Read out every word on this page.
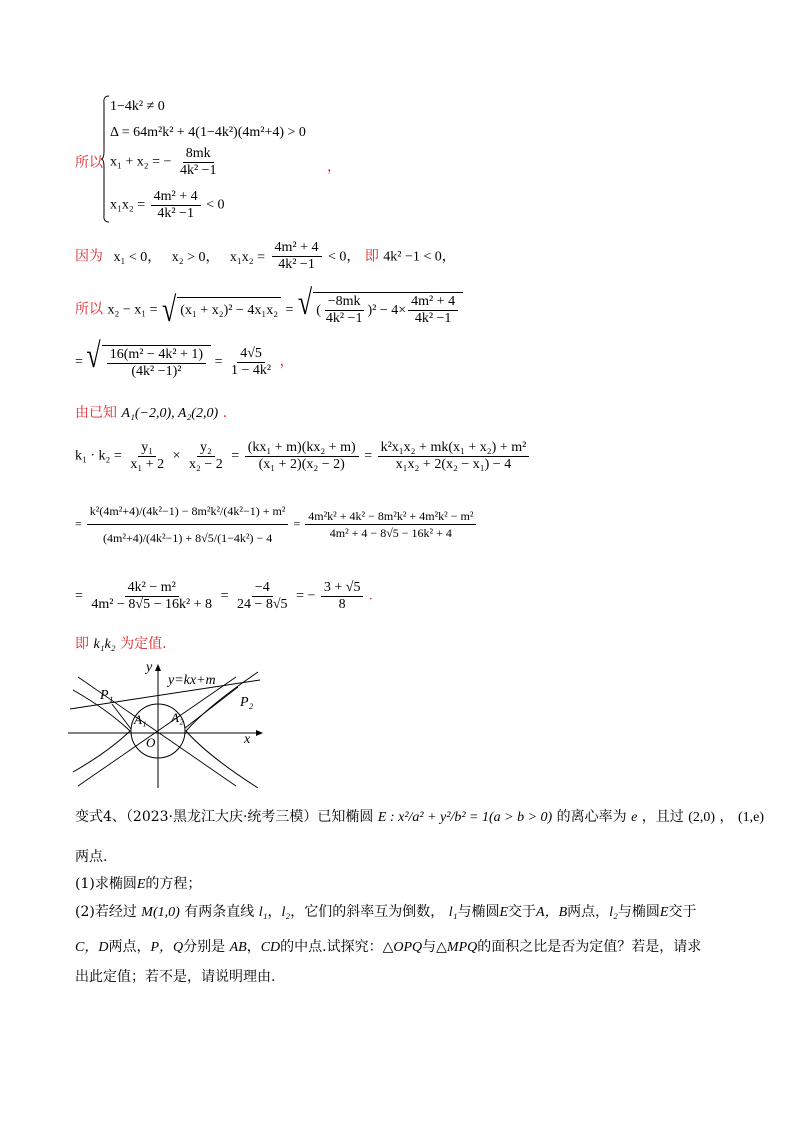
所以
1−4k² ≠ 0
Δ = 64m²k² + 4(1−4k²)(4m²+4) > 0
x₁ + x₂ = − $\frac{8mk}{\text{4k² −1}}$	，
$x_1x_2 = \frac{\text{4m² + 4}}{\text{4k² −1}} < 0$
因为 x₁ < 0， x₂ > 0， $x_1x_2 = \frac{\text{4m² + 4}}{\text{4k² −1}} < 0$， 即 4k² −1 < 0，
所以 x₂ − x₁ = √ (x₁ + x₂)² − 4x₁x₂ = √ ( $\frac{-8mk}{\text{4k² −1}}$ ) $^2 - 4\times \frac{\text{4m² + 4}}{\text{4k² −1}}$
= √ $\frac{\text{16(m² − 4k² + 1)}}{\text{(4k² −1)²}} = \frac{4√5}{\text{1 − 4k²}}$ ，
由已知 A₁(−2,0), A₂(2,0) .
$k_1 \cdot k_2 = \frac{\text{y₁}}{\text{x₁ + 2}} \times \frac{\text{y₂}}{\text{x₂ − 2}} = \frac{\text{(kx₁ + m)(kx₂ + m)}}{\text{(x₁ + 2)(x₂ − 2)}} = \frac{\text{k²x₁x₂ + mk(x₁ + x₂) + m²}}{\text{x₁x₂ + 2(x₂ − x₁) − 4}}$
= $\frac{\text{k²(4m²+4)/(4k²−1) − 8m²k²/(4k²−1) + m²}}{\text{(4m²+4)/(4k²−1) + 8√5/(1−4k²) − 4}} = \frac{\text{4m²k² + 4k² − 8m²k² + 4m²k² − m²}}{\text{4m² + 4 − 8√5 − 16k² + 4}}$
= $\frac{\text{4k² − m²}}{\text{4m² − 8√5 − 16k² + 8}} = \frac{-4}{24 - 8√5}$ = − $\frac{3 + √5}{8}$ .
即 k₁k₂ 为定值.
y
x
y=kx+m
P₁	P₂
A₁ A₂
O
变式4、（2023·黑龙江大庆·统考三模）已知椭圆 E : x²/a² + y²/b² = 1(a > b > 0) 的离心率为 e ，且过 (2,0) ， (1,e)
两点.
(1)求椭圆E的方程；
(2)若经过 M(1,0) 有两条直线 l₁，l₂，它们的斜率互为倒数， l₁与椭圆E交于A，B两点，l₂与椭圆E交于
C，D两点，P，Q分别是 AB，CD的中点.试探究：△OPQ与△MPQ的面积之比是否为定值？若是，请求
出此定值；若不是，请说明理由.
